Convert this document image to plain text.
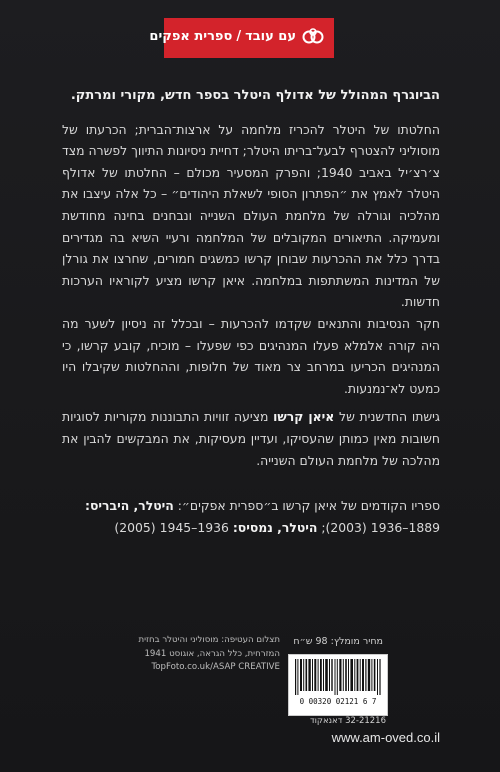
עם עובד/ספרית אפקים

הביוגרף המהולל של אדולף היטלר בספר חדש, מקורי ומרתק.

החלטתו של היטלר להכריז מלחמה על ארצות־הברית; הכרעתו של מוסוליני להצטרף לבעל־בריתו היטלר; דחיית ניסיונות התיווך לפשרה מצד צ׳רצ׳יל באביב 1940; והפרק המסעיר מכולם – החלטתו של אדולף היטלר לאמץ את ״הפתרון הסופי לשאלת היהודים״ – כל אלה עיצבו את מהלכיה וגורלה של מלחמת העולם השנייה ונבחנים בחינה מחודשת ומעמיקה. התיאורים המקובלים של המלחמה ורעיי השיא בה מגדירים בדרך כלל את ההכרעות שבוחן קרשו כמשגים חמורים, שחרצו את גורלן של המדינות המשתתפות במלחמה. איאן קרשו מציע לקוראיו הערכות חדשות.

חקר הנסיבות והתנאים שקדמו להכרעות – ובכלל זה ניסיון לשער מה היה קורה אלמלא פעלו המנהיגים כפי שפעלו – מוכיח, קובע קרשו, כי המנהיגים הכריעו במרחב צר מאוד של חלופות, וההחלטות שקיבלו היו כמעט לא־נמנעות.

גישתו החדשנית של איאן קרשו מציעה זוויות התבוננות מקוריות לסוגיות חשובות מאין כמותן שהעסיקו, ועדיין מעסיקות, את המבקשים להבין את מהלכה של מלחמת העולם השנייה.

ספריו הקודמים של איאן קרשו ב״ספרית אפקים״: היטלר, היבריס: 1889–1936 (2003); היטלר, נמסיס: 1936–1945 (2005)
תצלום העטיפה: מוסוליני והיטלר בחזית
המזרחית, כלל הגראה, אוגוסט 1941
TopFoto.co.uk/ASAP CREATIVE
מחיר מומלץ: 98 ש״ח
0 00320 02121 6 7
32-21216 דאנאקוד
www.am-oved.co.il
